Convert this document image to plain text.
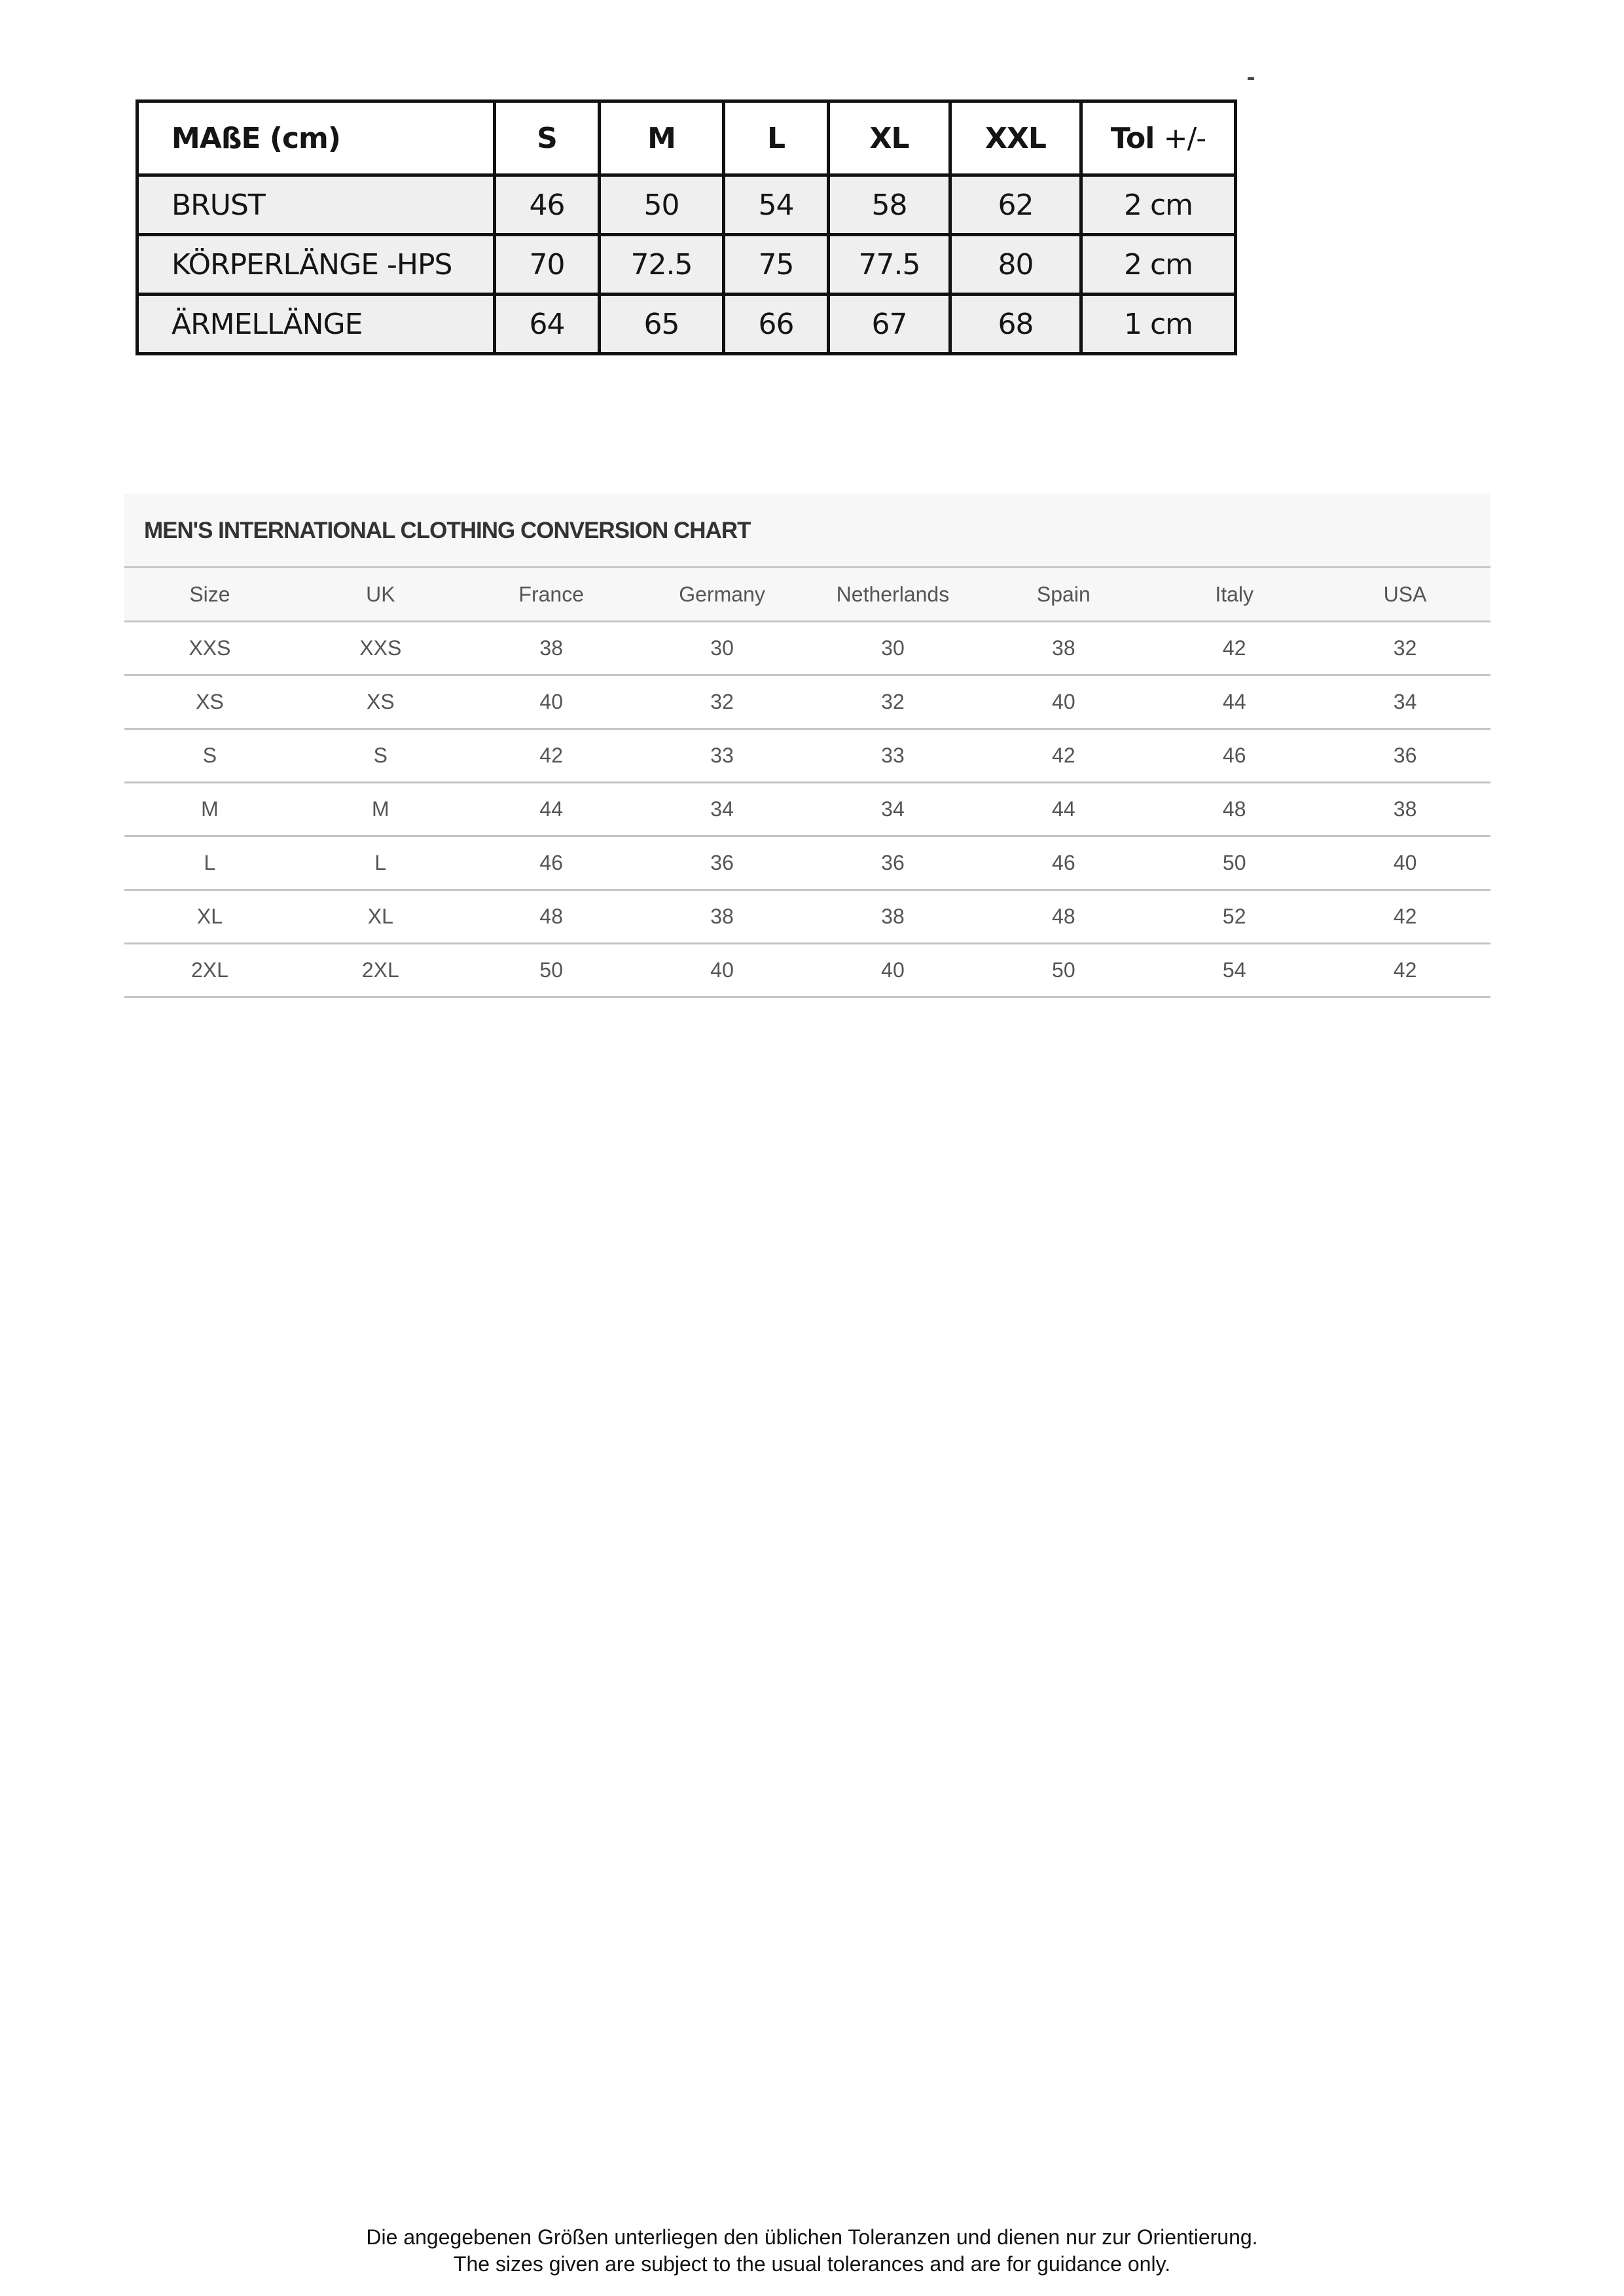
MAßE (cm)	S	M	L	XL	XXL	Tol +/-
BRUST	46	50	54	58	62	2 cm
KÖRPERLÄNGE -HPS	70	72.5	75	77.5	80	2 cm
ÄRMELLÄNGE	64	65	66	67	68	1 cm
MEN'S INTERNATIONAL CLOTHING CONVERSION CHART
Size	UK	France	Germany	Netherlands	Spain	Italy	USA
XXS	XXS	38	30	30	38	42	32
XS	XS	40	32	32	40	44	34
S	S	42	33	33	42	46	36
M	M	44	34	34	44	48	38
L	L	46	36	36	46	50	40
XL	XL	48	38	38	48	52	42
2XL	2XL	50	40	40	50	54	42

Die angegebenen Größen unterliegen den üblichen Toleranzen und dienen nur zur Orientierung.

The sizes given are subject to the usual tolerances and are for guidance only.
